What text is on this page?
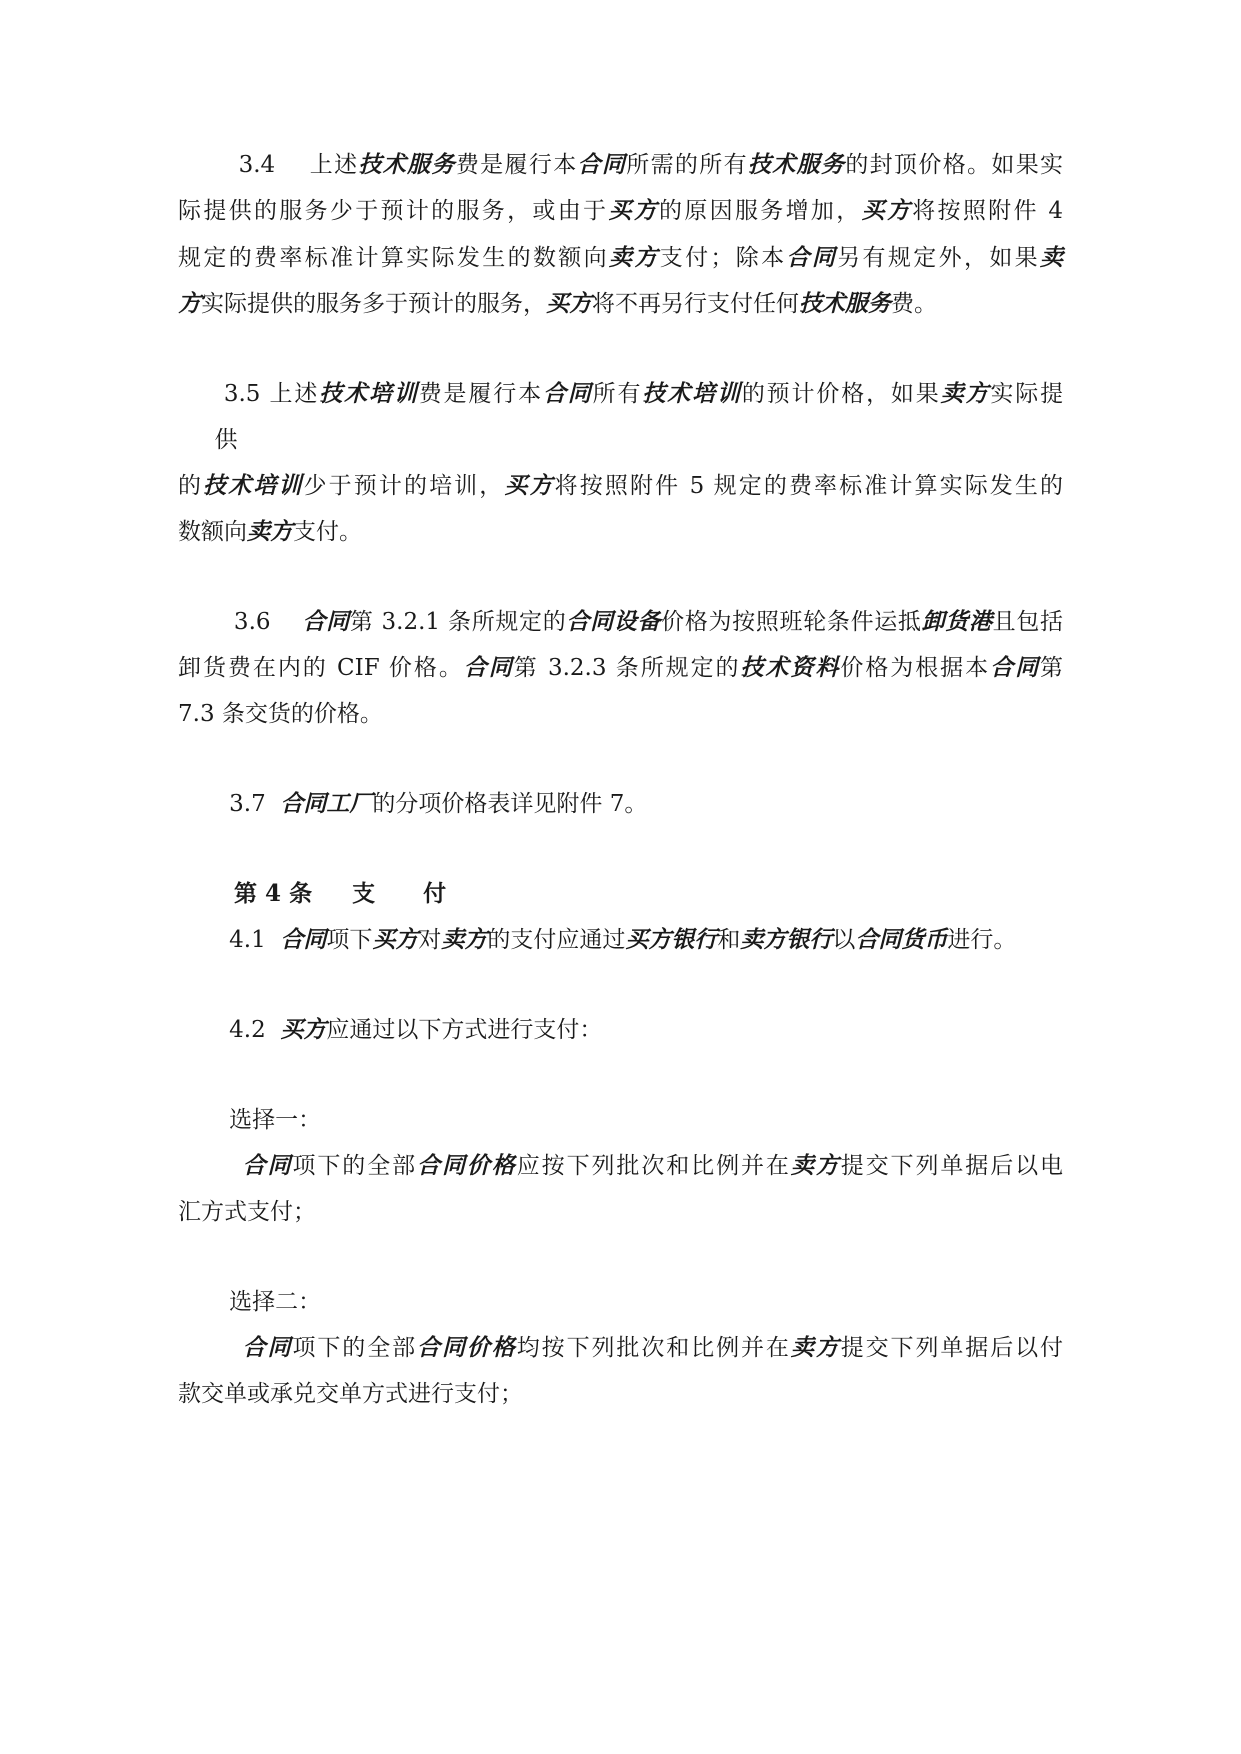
3.4    上述技术服务费是履行本合同所需的所有技术服务的封顶价格。如果实
际提供的服务少于预计的服务，或由于买方的原因服务增加，买方将按照附件 4
规定的费率标准计算实际发生的数额向卖方支付；除本合同另有规定外，如果卖
方实际提供的服务多于预计的服务，买方将不再另行支付任何技术服务费。
3.5 上述技术培训费是履行本合同所有技术培训的预计价格，如果卖方实际提
供
的技术培训少于预计的培训，买方将按照附件 5 规定的费率标准计算实际发生的
数额向卖方支付。
3.6    合同第 3.2.1 条所规定的合同设备价格为按照班轮条件运抵卸货港且包括
卸货费在内的 CIF 价格。合同第 3.2.3 条所规定的技术资料价格为根据本合同第
7.3 条交货的价格。
3.7  合同工厂的分项价格表详见附件 7。
第 4 条     支      付
4.1  合同项下买方对卖方的支付应通过买方银行和卖方银行以合同货币进行。
4.2  买方应通过以下方式进行支付：
选择一：
合同项下的全部合同价格应按下列批次和比例并在卖方提交下列单据后以电
汇方式支付；
选择二：
合同项下的全部合同价格均按下列批次和比例并在卖方提交下列单据后以付
款交单或承兑交单方式进行支付；
